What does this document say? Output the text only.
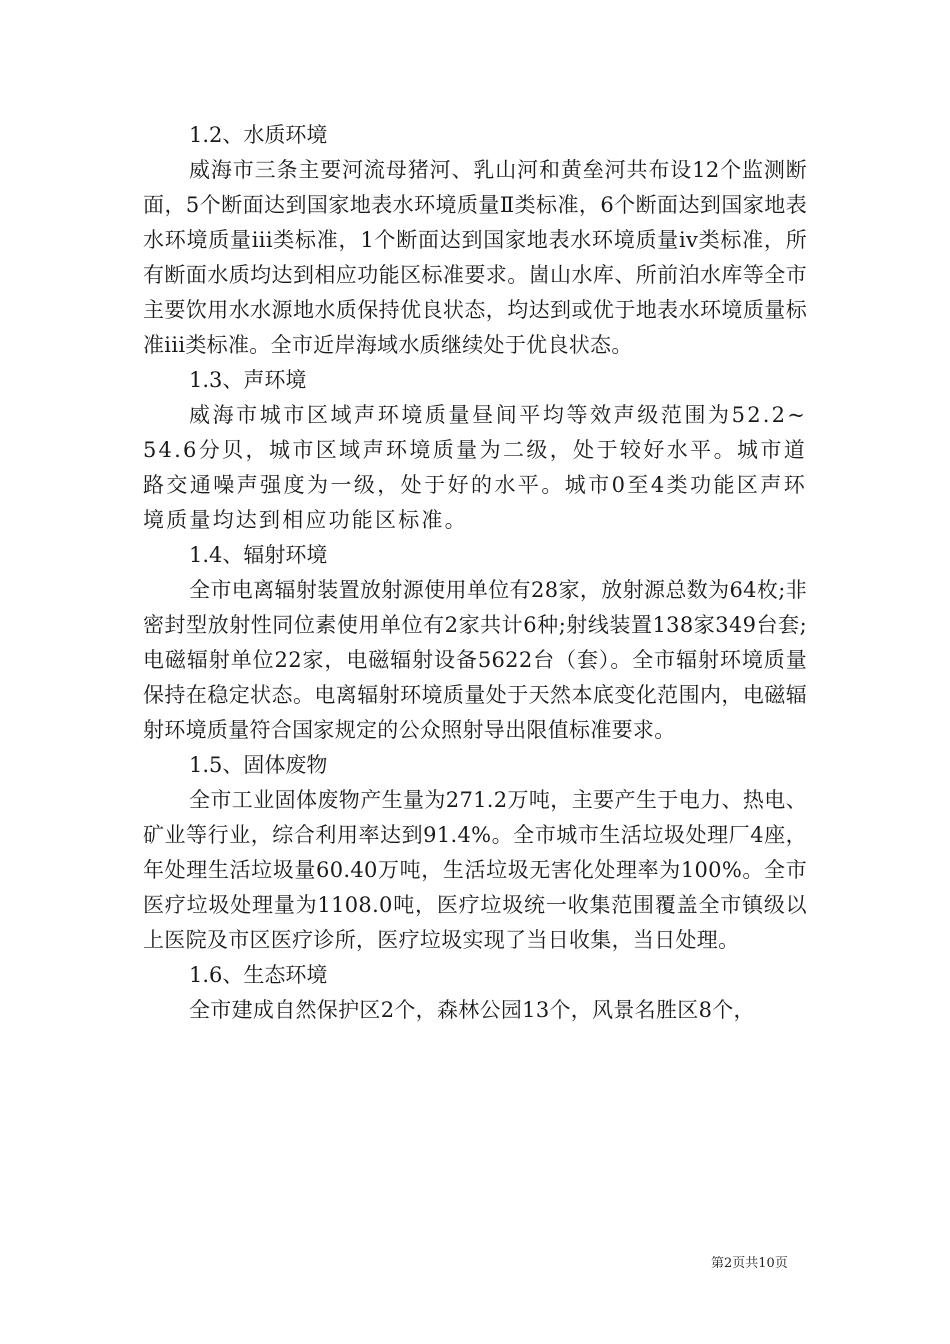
1.2、水质环境
威海市三条主要河流母猪河、乳山河和黄垒河共布设12个监测断面，5个断面达到国家地表水环境质量Ⅱ类标准，6个断面达到国家地表水环境质量iii类标准，1个断面达到国家地表水环境质量iv类标准，所有断面水质均达到相应功能区标准要求。崮山水库、所前泊水库等全市主要饮用水水源地水质保持优良状态，均达到或优于地表水环境质量标准iii类标准。全市近岸海域水质继续处于优良状态。
1.3、声环境
威海市城市区域声环境质量昼间平均等效声级范围为52.2~54.6分贝，城市区域声环境质量为二级，处于较好水平。城市道路交通噪声强度为一级，处于好的水平。城市0至4类功能区声环境质量均达到相应功能区标准。
1.4、辐射环境
全市电离辐射装置放射源使用单位有28家，放射源总数为64枚;非密封型放射性同位素使用单位有2家共计6种;射线装置138家349台套;电磁辐射单位22家，电磁辐射设备5622台（套）。全市辐射环境质量保持在稳定状态。电离辐射环境质量处于天然本底变化范围内，电磁辐射环境质量符合国家规定的公众照射导出限值标准要求。
1.5、固体废物
全市工业固体废物产生量为271.2万吨，主要产生于电力、热电、矿业等行业，综合利用率达到91.4%。全市城市生活垃圾处理厂4座，年处理生活垃圾量60.40万吨，生活垃圾无害化处理率为100%。全市医疗垃圾处理量为1108.0吨，医疗垃圾统一收集范围覆盖全市镇级以上医院及市区医疗诊所，医疗垃圾实现了当日收集，当日处理。
1.6、生态环境
全市建成自然保护区2个，森林公园13个，风景名胜区8个，
第2页共10页
